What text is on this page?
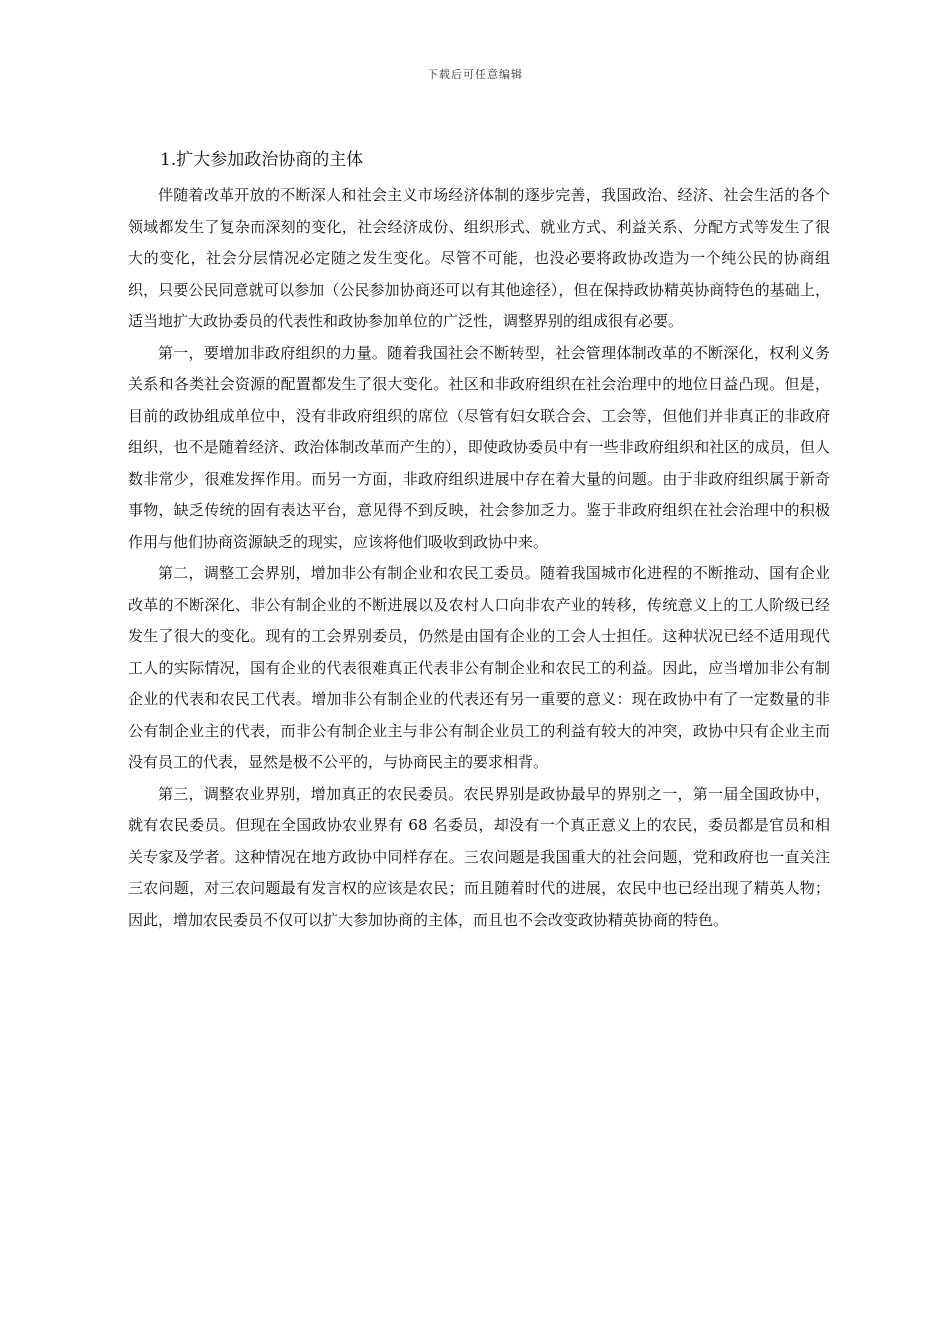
下载后可任意编辑
1.扩大参加政治协商的主体

伴随着改革开放的不断深人和社会主义市场经济体制的逐步完善，我国政治、经济、社会生活的各个领域都发生了复杂而深刻的变化，社会经济成份、组织形式、就业方式、利益关系、分配方式等发生了很大的变化，社会分层情况必定随之发生变化。尽管不可能，也没必要将政协改造为一个纯公民的协商组织，只要公民同意就可以参加（公民参加协商还可以有其他途径），但在保持政协精英协商特色的基础上，适当地扩大政协委员的代表性和政协参加单位的广泛性，调整界别的组成很有必要。

第一，要增加非政府组织的力量。随着我国社会不断转型，社会管理体制改革的不断深化，权利义务关系和各类社会资源的配置都发生了很大变化。社区和非政府组织在社会治理中的地位日益凸现。但是，目前的政协组成单位中，没有非政府组织的席位（尽管有妇女联合会、工会等，但他们并非真正的非政府组织，也不是随着经济、政治体制改革而产生的），即使政协委员中有一些非政府组织和社区的成员，但人数非常少，很难发挥作用。而另一方面，非政府组织进展中存在着大量的问题。由于非政府组织属于新奇事物，缺乏传统的固有表达平台，意见得不到反映，社会参加乏力。鉴于非政府组织在社会治理中的积极作用与他们协商资源缺乏的现实，应该将他们吸收到政协中来。

第二，调整工会界别，增加非公有制企业和农民工委员。随着我国城市化进程的不断推动、国有企业改革的不断深化、非公有制企业的不断进展以及农村人口向非农产业的转移，传统意义上的工人阶级已经发生了很大的变化。现有的工会界别委员，仍然是由国有企业的工会人士担任。这种状况已经不适用现代工人的实际情况，国有企业的代表很难真正代表非公有制企业和农民工的利益。因此，应当增加非公有制企业的代表和农民工代表。增加非公有制企业的代表还有另一重要的意义：现在政协中有了一定数量的非公有制企业主的代表，而非公有制企业主与非公有制企业员工的利益有较大的冲突，政协中只有企业主而没有员工的代表，显然是极不公平的，与协商民主的要求相背。

第三，调整农业界别，增加真正的农民委员。农民界别是政协最早的界别之一，第一届全国政协中，就有农民委员。但现在全国政协农业界有 68 名委员，却没有一个真正意义上的农民，委员都是官员和相关专家及学者。这种情况在地方政协中同样存在。三农问题是我国重大的社会问题，党和政府也一直关注三农问题，对三农问题最有发言权的应该是农民；而且随着时代的进展，农民中也已经出现了精英人物；因此，增加农民委员不仅可以扩大参加协商的主体，而且也不会改变政协精英协商的特色。
